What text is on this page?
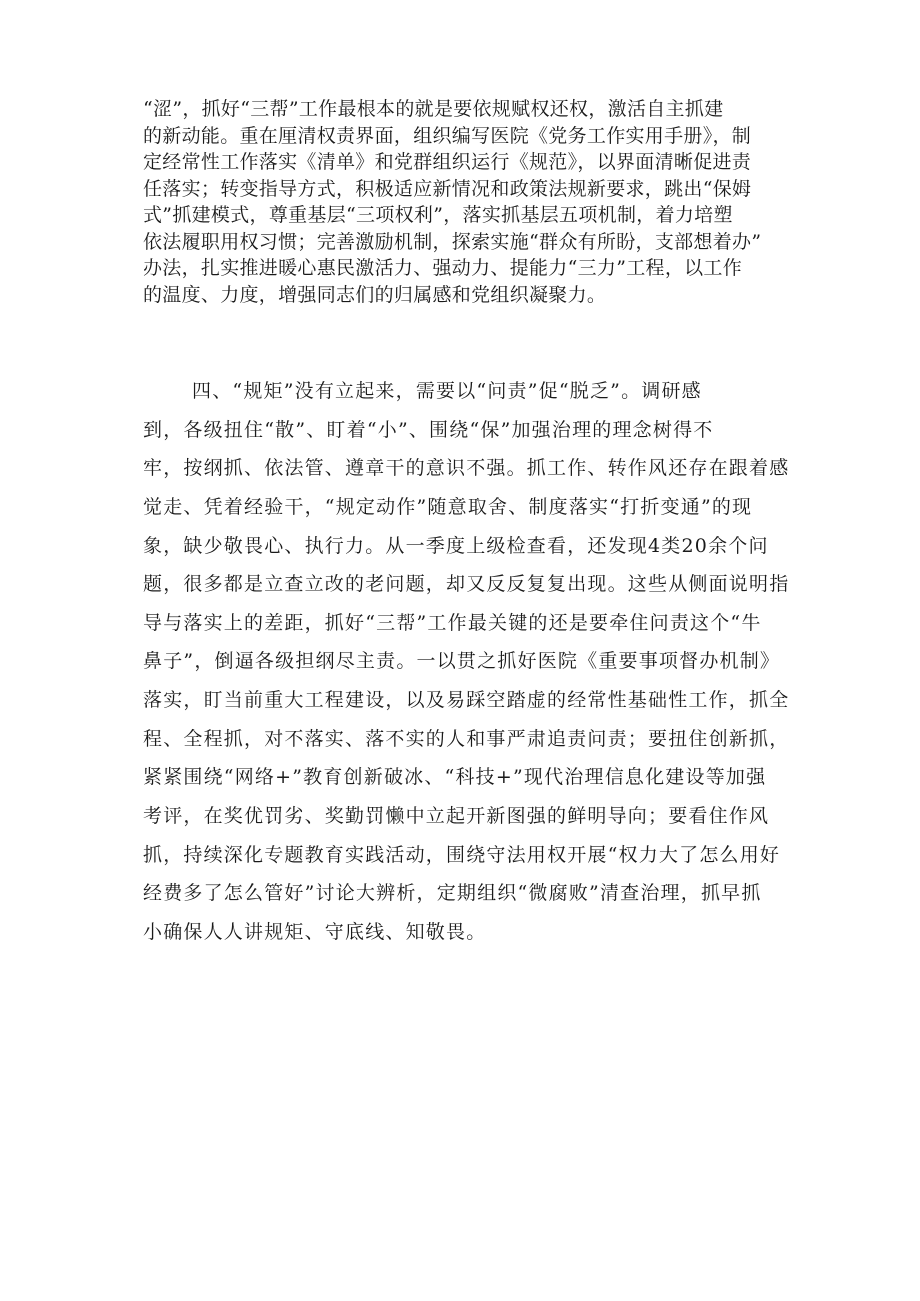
“涩”，抓好“三帮”工作最根本的就是要依规赋权还权，激活自主抓建
的新动能。重在厘清权责界面，组织编写医院《党务工作实用手册》，制
定经常性工作落实《清单》和党群组织运行《规范》，以界面清晰促进责
任落实；转变指导方式，积极适应新情况和政策法规新要求，跳出“保姆
式”抓建模式，尊重基层“三项权利”，落实抓基层五项机制，着力培塑
依法履职用权习惯；完善激励机制，探索实施“群众有所盼，支部想着办”
办法，扎实推进暖心惠民激活力、强动力、提能力“三力”工程，以工作
的温度、力度，增强同志们的归属感和党组织凝聚力。
四、“规矩”没有立起来，需要以“问责”促“脱乏”。调研感
到，各级扭住“散”、盯着“小”、围绕“保”加强治理的理念树得不
牢，按纲抓、依法管、遵章干的意识不强。抓工作、转作风还存在跟着感
觉走、凭着经验干，“规定动作”随意取舍、制度落实“打折变通”的现
象，缺少敬畏心、执行力。从一季度上级检查看，还发现4类20余个问
题，很多都是立查立改的老问题，却又反反复复出现。这些从侧面说明指
导与落实上的差距，抓好“三帮”工作最关键的还是要牵住问责这个“牛
鼻子”，倒逼各级担纲尽主责。一以贯之抓好医院《重要事项督办机制》
落实，盯当前重大工程建设，以及易踩空踏虚的经常性基础性工作，抓全
程、全程抓，对不落实、落不实的人和事严肃追责问责；要扭住创新抓，
紧紧围绕“网络+”教育创新破冰、“科技+”现代治理信息化建设等加强
考评，在奖优罚劣、奖勤罚懒中立起开新图强的鲜明导向；要看住作风
抓，持续深化专题教育实践活动，围绕守法用权开展“权力大了怎么用好
经费多了怎么管好”讨论大辨析，定期组织“微腐败”清查治理，抓早抓
小确保人人讲规矩、守底线、知敬畏。
